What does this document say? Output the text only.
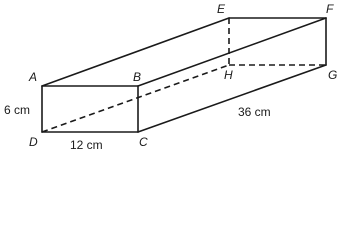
A	B
C
D
E	F
G
H
6 cm
12 cm
36 cm
